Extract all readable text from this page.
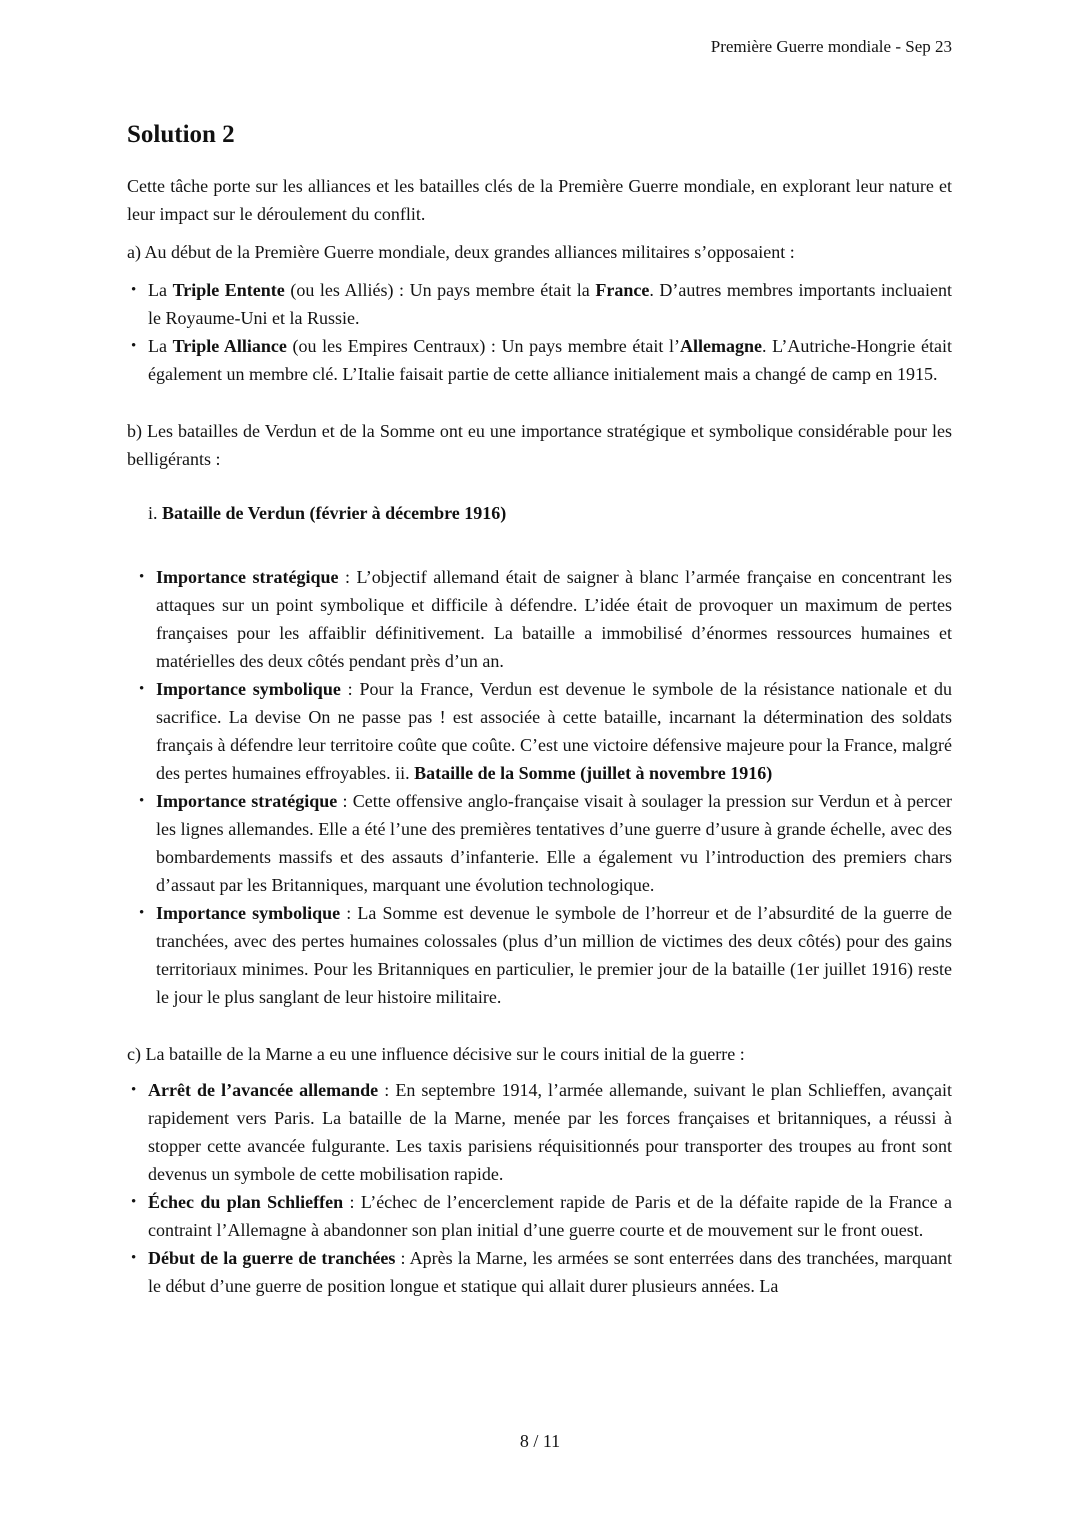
Première Guerre mondiale - Sep 23
Solution 2

Cette tâche porte sur les alliances et les batailles clés de la Première Guerre mondiale, en explorant leur nature et leur impact sur le déroulement du conflit.

a) Au début de la Première Guerre mondiale, deux grandes alliances militaires s’opposaient :

• La Triple Entente (ou les Alliés) : Un pays membre était la France. D’autres membres importants incluaient le Royaume-Uni et la Russie.
• La Triple Alliance (ou les Empires Centraux) : Un pays membre était l’Allemagne. L’Autriche-Hongrie était également un membre clé. L’Italie faisait partie de cette alliance initialement mais a changé de camp en 1915.

b) Les batailles de Verdun et de la Somme ont eu une importance stratégique et symbolique considérable pour les belligérants :

i. Bataille de Verdun (février à décembre 1916)

• Importance stratégique : L’objectif allemand était de saigner à blanc l’armée française en concentrant les attaques sur un point symbolique et difficile à défendre. L’idée était de provoquer un maximum de pertes françaises pour les affaiblir définitivement. La bataille a immobilisé d’énormes ressources humaines et matérielles des deux côtés pendant près d’un an.
• Importance symbolique : Pour la France, Verdun est devenue le symbole de la résistance nationale et du sacrifice. La devise On ne passe pas ! est associée à cette bataille, incarnant la détermination des soldats français à défendre leur territoire coûte que coûte. C’est une victoire défensive majeure pour la France, malgré des pertes humaines effroyables. ii. Bataille de la Somme (juillet à novembre 1916)
• Importance stratégique : Cette offensive anglo-française visait à soulager la pression sur Verdun et à percer les lignes allemandes. Elle a été l’une des premières tentatives d’une guerre d’usure à grande échelle, avec des bombardements massifs et des assauts d’infanterie. Elle a également vu l’introduction des premiers chars d’assaut par les Britanniques, marquant une évolution technologique.
• Importance symbolique : La Somme est devenue le symbole de l’horreur et de l’absurdité de la guerre de tranchées, avec des pertes humaines colossales (plus d’un million de victimes des deux côtés) pour des gains territoriaux minimes. Pour les Britanniques en particulier, le premier jour de la bataille (1er juillet 1916) reste le jour le plus sanglant de leur histoire militaire.

c) La bataille de la Marne a eu une influence décisive sur le cours initial de la guerre :

• Arrêt de l’avancée allemande : En septembre 1914, l’armée allemande, suivant le plan Schlieffen, avançait rapidement vers Paris. La bataille de la Marne, menée par les forces françaises et britanniques, a réussi à stopper cette avancée fulgurante. Les taxis parisiens réquisitionnés pour transporter des troupes au front sont devenus un symbole de cette mobilisation rapide.
• Échec du plan Schlieffen : L’échec de l’encerclement rapide de Paris et de la défaite rapide de la France a contraint l’Allemagne à abandonner son plan initial d’une guerre courte et de mouvement sur le front ouest.
• Début de la guerre de tranchées : Après la Marne, les armées se sont enterrées dans des tranchées, marquant le début d’une guerre de position longue et statique qui allait durer plusieurs années. La
8 / 11
